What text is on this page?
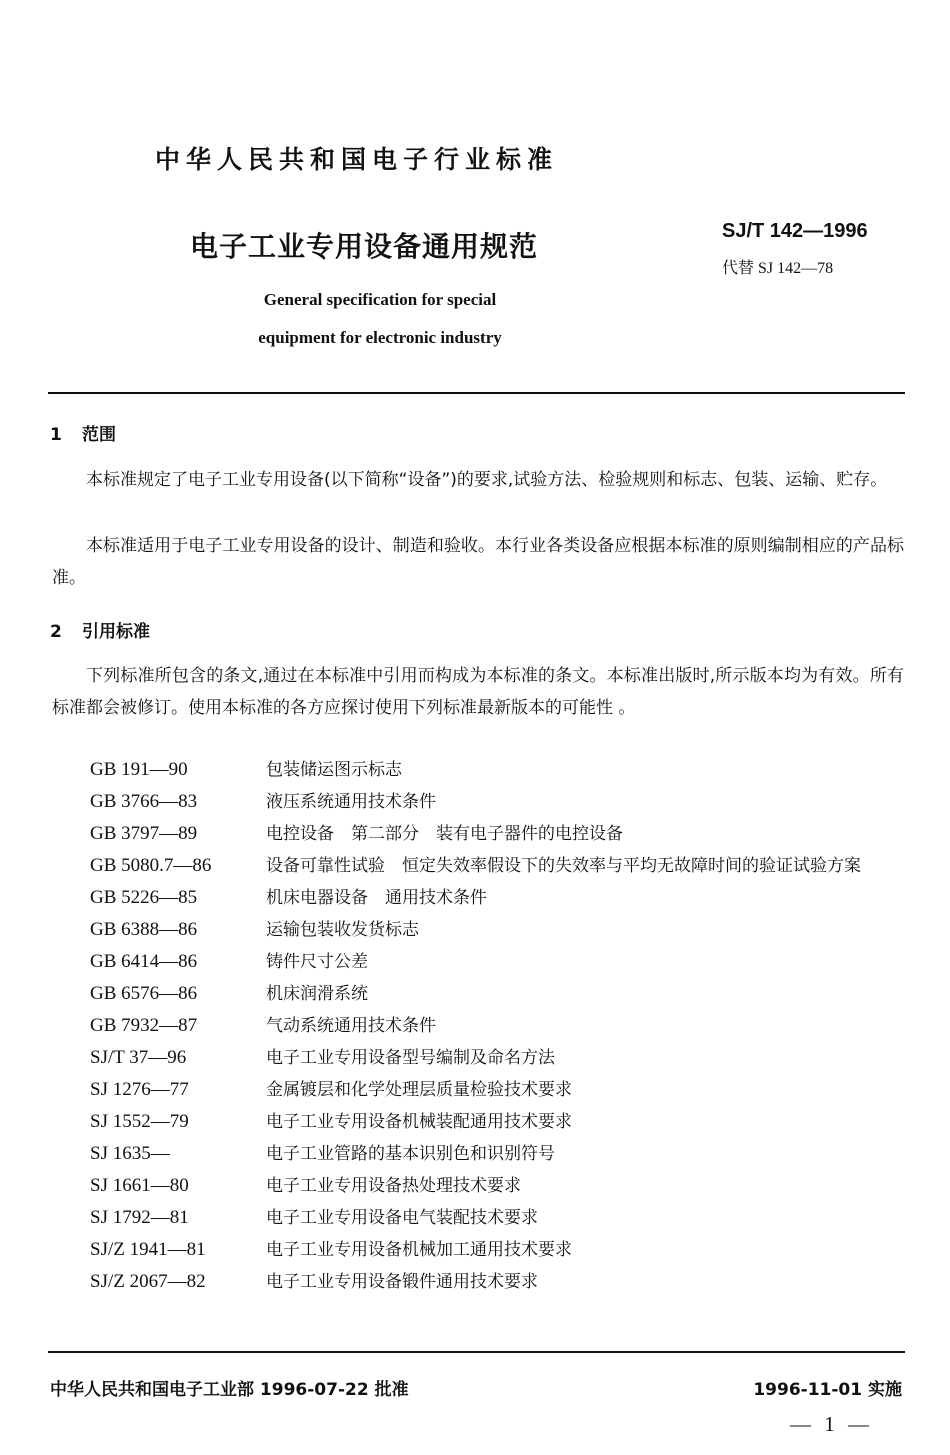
中华人民共和国电子行业标准
电子工业专用设备通用规范	SJ/T 142—1996
代替 SJ 142—78
General specification for special
equipment for electronic industry
1 范围
本标准规定了电子工业专用设备(以下简称“设备”)的要求,试验方法、检验规则和标志、包装、运输、贮存。
本标准适用于电子工业专用设备的设计、制造和验收。本行业各类设备应根据本标准的原则编制相应的产品标准。
2 引用标准
下列标准所包含的条文,通过在本标准中引用而构成为本标准的条文。本标准出版时,所示版本均为有效。所有标准都会被修订。使用本标准的各方应探讨使用下列标准最新版本的可能性 。
GB 191—90	包装储运图示标志
GB 3766—83	液压系统通用技术条件
GB 3797—89	电控设备　第二部分　装有电子器件的电控设备
GB 5080.7—86	设备可靠性试验　恒定失效率假设下的失效率与平均无故障时间的验证试验方案
GB 5226—85	机床电器设备　通用技术条件
GB 6388—86	运输包装收发货标志
GB 6414—86	铸件尺寸公差
GB 6576—86	机床润滑系统
GB 7932—87	气动系统通用技术条件
SJ/T 37—96	电子工业专用设备型号编制及命名方法
SJ 1276—77	金属镀层和化学处理层质量检验技术要求
SJ 1552—79	电子工业专用设备机械装配通用技术要求
SJ 1635—	电子工业管路的基本识别色和识别符号
SJ 1661—80	电子工业专用设备热处理技术要求
SJ 1792—81	电子工业专用设备电气装配技术要求
SJ/Z 1941—81	电子工业专用设备机械加工通用技术要求
SJ/Z 2067—82	电子工业专用设备锻件通用技术要求
中华人民共和国电子工业部 1996-07-22 批准	1996-11-01 实施
— 1 —
